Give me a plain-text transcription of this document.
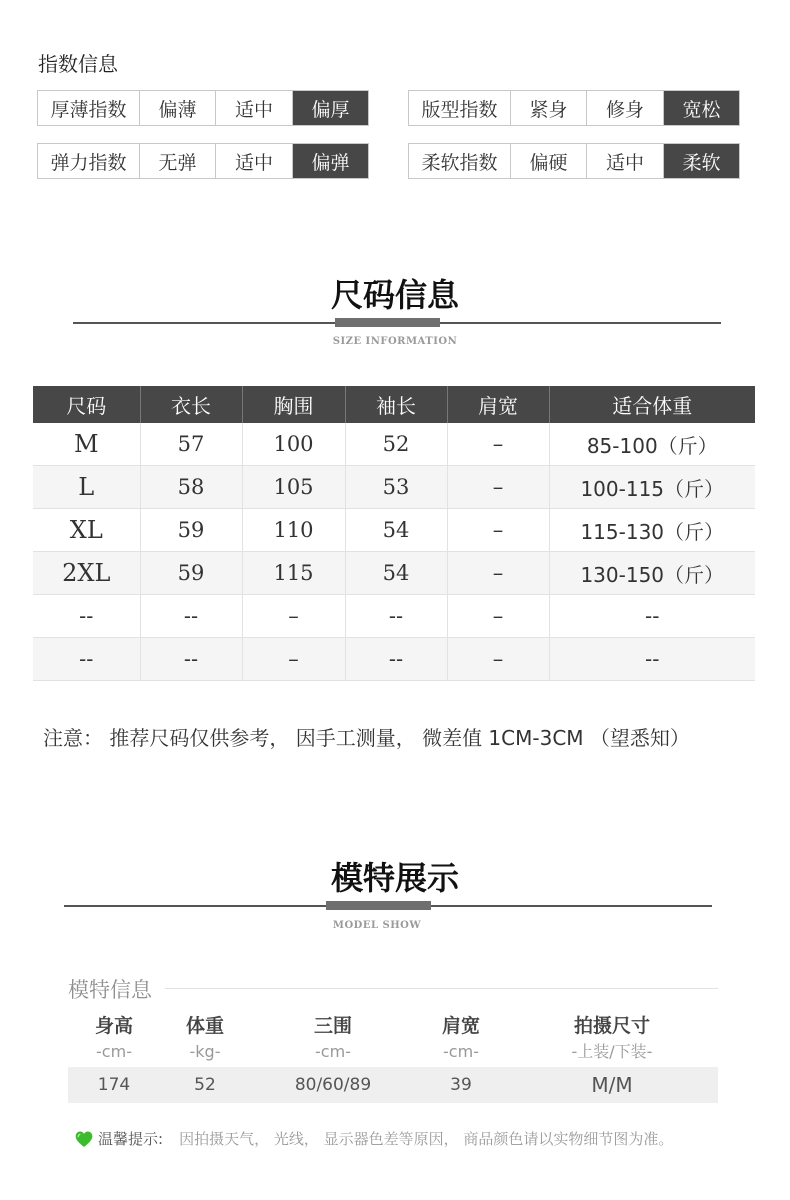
指数信息
厚薄指数	偏薄	适中	偏厚	版型指数	紧身	修身	宽松
弹力指数	无弹	适中	偏弹	柔软指数	偏硬	适中	柔软
尺码信息
SIZE INFORMATION
尺码	衣长	胸围	袖长	肩宽	适合体重
M	57	100	52	–	85-100（斤）
L	58	105	53	–	100-115（斤）
XL	59	110	54	–	115-130（斤）
2XL	59	115	54	–	130-150（斤）
--	--	–	--	–	--
--	--	–	--	–	--
注意： 推荐尺码仅供参考， 因手工测量， 微差值 1CM-3CM （望悉知）
模特展示
MODEL SHOW
模特信息
身高	体重	三围	肩宽	拍摄尺寸
-cm-	-kg-	-cm-	-cm-	-上装/下装-
174	52	80/60/89	39	M/M
温馨提示: 因拍摄天气， 光线， 显示器色差等原因， 商品颜色请以实物细节图为准。
